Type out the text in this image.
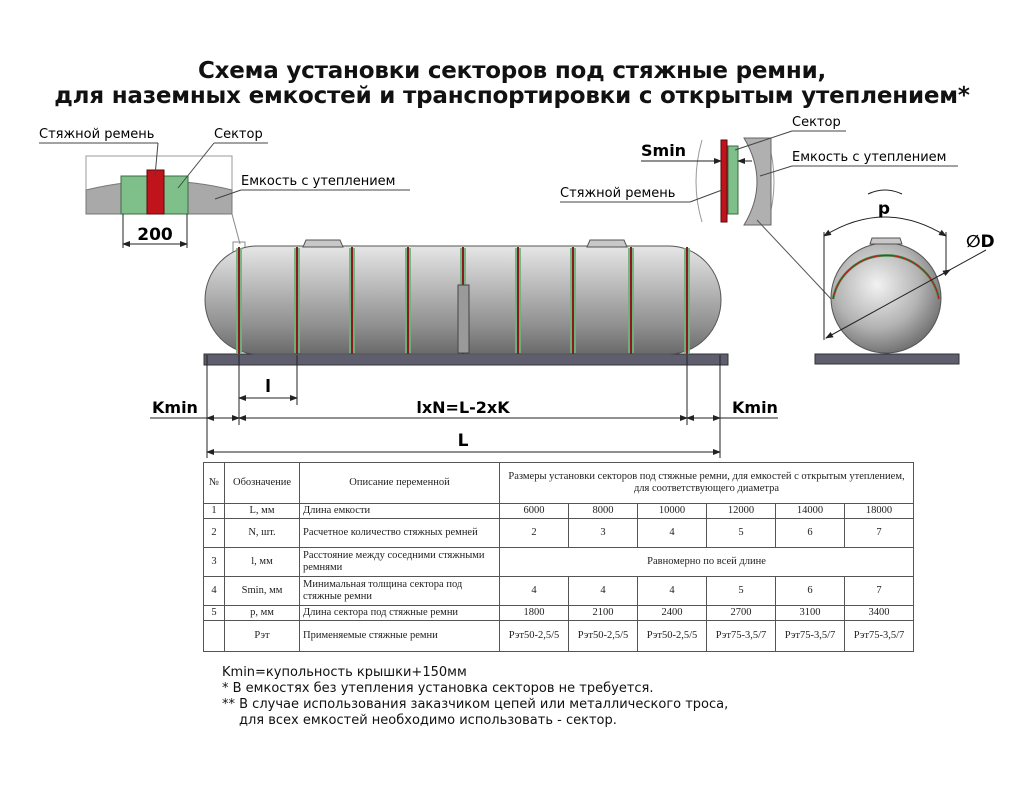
Схема установки секторов под стяжные ремни,
для наземных емкостей и транспортировки с открытым утеплением*
200
Стяжной ремень	Сектор
Емкость с утеплением
l
Kmin	lxN=L-2xK	Kmin
L
Сектор
Smin	Емкость с утеплением
Стяжной ремень
p
∅D
№	Обозначение	Описание переменной	Размеры установки секторов под стяжные ремни, для емкостей с открытым утеплением, для соответствующего диаметра					
1	L, мм	Длина емкости	6000	8000	10000	12000	14000	18000
2	N, шт.	Расчетное количество стяжных ремней	2	3	4	5	6	7
3	l, мм	Расстояние между соседними стяжными ремнями	Равномерно по всей длине					
4	Smin, мм	Минимальная толщина сектора под стяжные ремни	4	4	4	5	6	7
5	p, мм	Длина сектора под стяжные ремни	1800	2100	2400	2700	3100	3400
	Рэт	Применяемые стяжные ремни	Рэт50-2,5/5	Рэт50-2,5/5	Рэт50-2,5/5	Рэт75-3,5/7	Рэт75-3,5/7	Рэт75-3,5/7
Kmin=купольность крышки+150мм
* В емкостях без утепления установка секторов не требуется.
** В случае использования заказчиком цепей или металлического троса,
для всех емкостей необходимо использовать - сектор.
